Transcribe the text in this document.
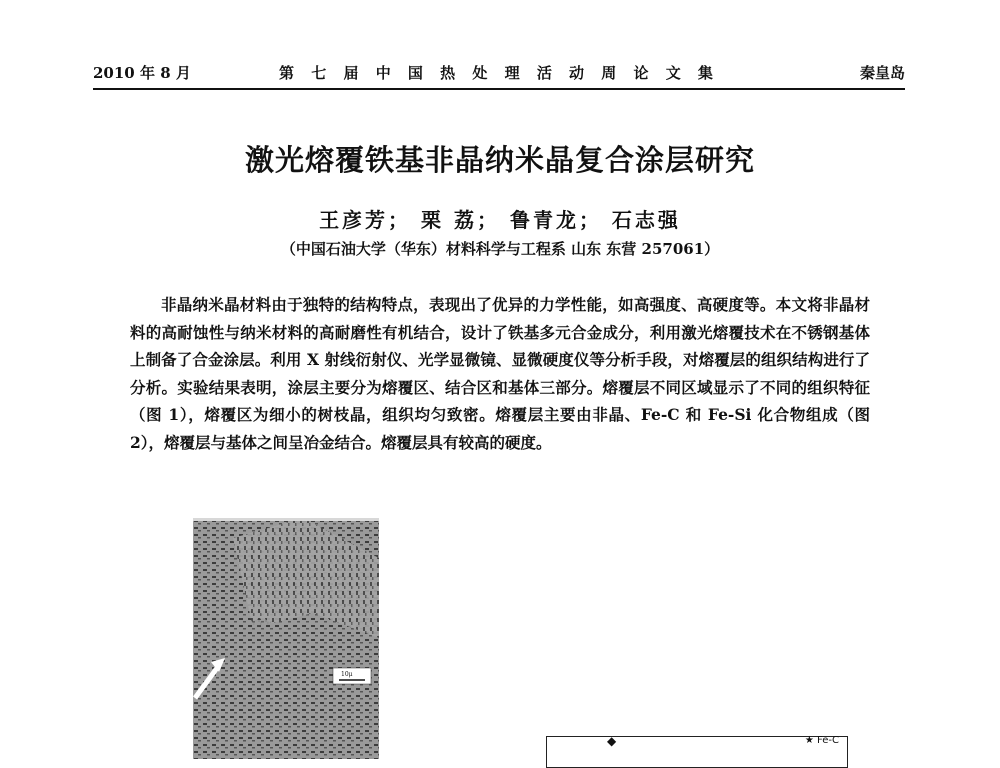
2010 年 8 月	第 七 届 中 国 热 处 理 活 动 周 论 文 集	秦皇岛
激光熔覆铁基非晶纳米晶复合涂层研究
王彦芳； 栗 荔； 鲁青龙； 石志强
（中国石油大学（华东）材料科学与工程系 山东 东营 257061）

非晶纳米晶材料由于独特的结构特点，表现出了优异的力学性能，如高强度、高硬度等。本文将非晶材料的高耐蚀性与纳米材料的高耐磨性有机结合，设计了铁基多元合金成分，利用激光熔覆技术在不锈钢基体上制备了合金涂层。利用 X 射线衍射仪、光学显微镜、显微硬度仪等分析手段，对熔覆层的组织结构进行了分析。实验结果表明，涂层主要分为熔覆区、结合区和基体三部分。熔覆层不同区域显示了不同的组织特征（图 1），熔覆区为细小的树枝晶，组织均匀致密。熔覆层主要由非晶、Fe-C 和 Fe-Si 化合物组成（图 2），熔覆层与基体之间呈冶金结合。熔覆层具有较高的硬度。

10μ
◆	★ Fe-C
